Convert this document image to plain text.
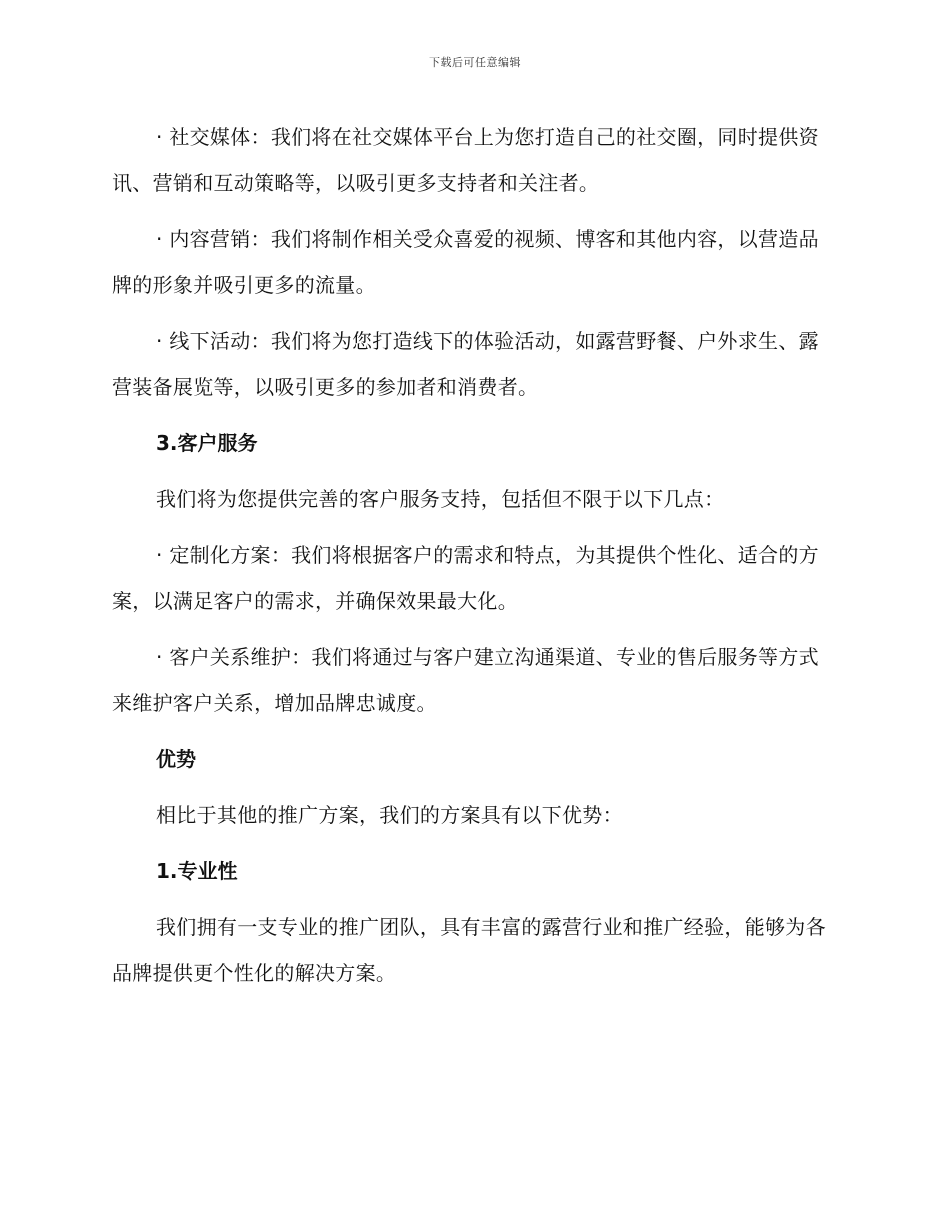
下载后可任意编辑

· 社交媒体：我们将在社交媒体平台上为您打造自己的社交圈，同时提供资讯、营销和互动策略等，以吸引更多支持者和关注者。

· 内容营销：我们将制作相关受众喜爱的视频、博客和其他内容，以营造品牌的形象并吸引更多的流量。

· 线下活动：我们将为您打造线下的体验活动，如露营野餐、户外求生、露营装备展览等，以吸引更多的参加者和消费者。

3.客户服务

我们将为您提供完善的客户服务支持，包括但不限于以下几点：

· 定制化方案：我们将根据客户的需求和特点，为其提供个性化、适合的方案，以满足客户的需求，并确保效果最大化。

· 客户关系维护：我们将通过与客户建立沟通渠道、专业的售后服务等方式来维护客户关系，增加品牌忠诚度。

优势

相比于其他的推广方案，我们的方案具有以下优势：

1.专业性

我们拥有一支专业的推广团队，具有丰富的露营行业和推广经验，能够为各品牌提供更个性化的解决方案。
